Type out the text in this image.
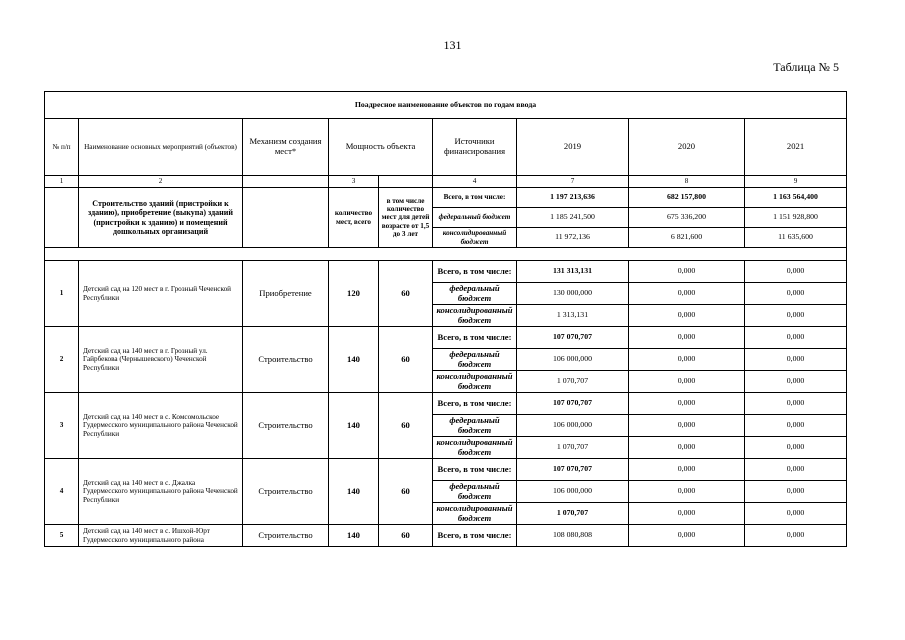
131
Таблица № 5
Поадресное наименование объектов по годам ввода								
№ п/п	Наименование основных мероприятий (объектов)	Механизм создания мест*	Мощность объекта		Источники финансирования	2019	2020	2021
1	2		3		4	7	8	9
	Строительство зданий (пристройки к зданию), приобретение (выкупа) зданий (пристройки к зданию) и помещений дошкольных организаций		количество мест, всего	в том числе количество мест для детей возрасте от 1,5 до 3 лет	Всего, в том числе:	1 197 213,636	682 157,800	1 163 564,400
					федеральный бюджет	1 185 241,500	675 336,200	1 151 928,800
					консолидированный бюджет	11 972,136	6 821,600	11 635,600

1	Детский сад на 120 мест в г. Грозный Чеченской Республики	Приобретение	120	60	Всего, в том числе:	131 313,131	0,000	0,000
					федеральный бюджет	130 000,000	0,000	0,000
					консолидированный бюджет	1 313,131	0,000	0,000
2	Детский сад на 140 мест в г. Грозный ул. Гайрбекова (Чернышевского) Чеченской Республики	Строительство	140	60	Всего, в том числе:	107 070,707	0,000	0,000
					федеральный бюджет	106 000,000	0,000	0,000
					консолидированный бюджет	1 070,707	0,000	0,000
3	Детский сад на 140 мест в с. Комсомольское Гудермесского муниципального района Чеченской Республики	Строительство	140	60	Всего, в том числе:	107 070,707	0,000	0,000
					федеральный бюджет	106 000,000	0,000	0,000
					консолидированный бюджет	1 070,707	0,000	0,000
4	Детский сад на 140 мест в с. Джалка Гудермесского муниципального района Чеченской Республики	Строительство	140	60	Всего, в том числе:	107 070,707	0,000	0,000
					федеральный бюджет	106 000,000	0,000	0,000
					консолидированный бюджет	1 070,707	0,000	0,000
5	Детский сад на 140 мест в с. Ишхой-Юрт Гудермесского муниципального района	Строительство	140	60	Всего, в том числе:	108 080,808	0,000	0,000
